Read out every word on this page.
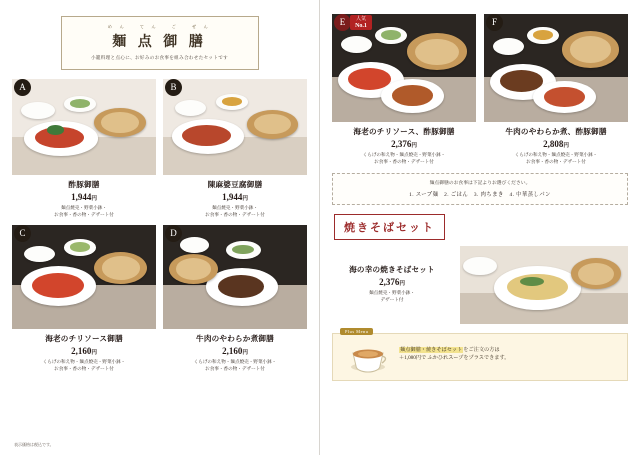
めん てん ご ぜん

麺 点 御 膳

小籠料理と点心に、お好みのお食事を組み合わせたセットです

A

酢豚御膳

1,944円

麺点焼売・野菜小鉢・
お食事・香の物・デザート付

B

陳麻婆豆腐御膳

1,944円

麺点焼売・野菜小鉢・
お食事・香の物・デザート付

C

海老のチリソース御膳

2,160円

くらげの和え物・麺点焼売・野菜小鉢・
お食事・香の物・デザート付

D

牛肉のやわらか煮御膳

2,160円

くらげの和え物・麺点焼売・野菜小鉢・
お食事・香の物・デザート付

表示価格は税込です。
E	人気
No.1

海老のチリソース、酢豚御膳

2,376円

くらげの和え物・麺点焼売・野菜小鉢・
お食事・香の物・デザート付

F

牛肉のやわらか煮、酢豚御膳

2,808円

くらげの和え物・麺点焼売・野菜小鉢・
お食事・香の物・デザート付

麺点御膳のお食事は下記よりお選びください。

1. スープ麺　2. ごはん　3. 肉ちまき　4. 中華蒸しパン

焼きそばセット

海の幸の焼きそばセット

2,376円

麺点焼売・野菜小鉢・
デザート付

Plus Menu
麺点御膳・焼きそばセットをご注文の方は
＋1,080円で ふかひれスープをプラスできます。
